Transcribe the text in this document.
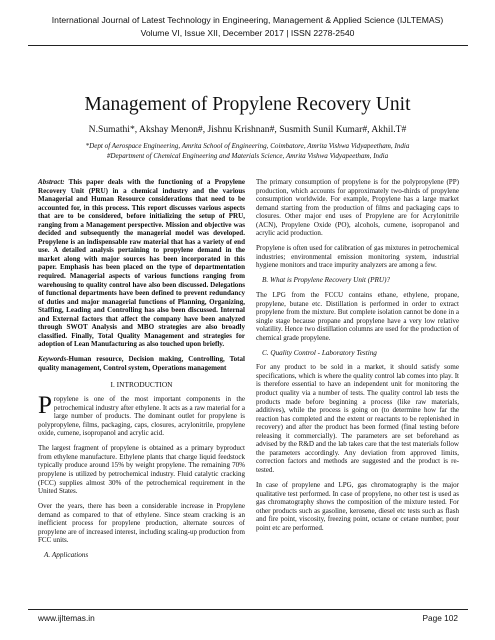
International Journal of Latest Technology in Engineering, Management & Applied Science (IJLTEMAS)
Volume VI, Issue XII, December 2017 | ISSN 2278-2540
Management of Propylene Recovery Unit
N.Sumathi*, Akshay Menon#, Jishnu Krishnan#, Susmith Sunil Kumar#, Akhil.T#
*Dept of Aerospace Engineering, Amrita School of Engineering, Coimbatore, Amrita Vishwa Vidyapeetham, India
#Department of Chemical Engineering and Materials Science, Amrita Vishwa Vidyapeetham, India

Abstract: This paper deals with the functioning of a Propylene Recovery Unit (PRU) in a chemical industry and the various Managerial and Human Resource considerations that need to be accounted for, in this process. This report discusses various aspects that are to be considered, before initializing the setup of PRU, ranging from a Management perspective. Mission and objective was decided and subsequently the managerial model was developed. Propylene is an indispensable raw material that has a variety of end use. A detailed analysis pertaining to propylene demand in the market along with major sources has been incorporated in this paper. Emphasis has been placed on the type of departmentation required. Managerial aspects of various functions ranging from warehousing to quality control have also been discussed. Delegations of functional departments have been defined to prevent redundancy of duties and major managerial functions of Planning, Organizing, Staffing, Leading and Controlling has also been discussed. Internal and External factors that affect the company have been analyzed through SWOT Analysis and MBO strategies are also broadly classified. Finally, Total Quality Management and strategies for adoption of Lean Manufacturing as also touched upon briefly.

Keywords-Human resource, Decision making, Controlling, Total quality management, Control system, Operations management

I. INTRODUCTION

Propylene is one of the most important components in the petrochemical industry after ethylene. It acts as a raw material for a large number of products. The dominant outlet for propylene is polypropylene, films, packaging, caps, closures, acrylonitrile, propylene oxide, cumene, isopropanol and acrylic acid.

The largest fragment of propylene is obtained as a primary byproduct from ethylene manufacture. Ethylene plants that charge liquid feedstock typically produce around 15% by weight propylene. The remaining 70% propylene is utilized by petrochemical industry. Fluid catalytic cracking (FCC) supplies almost 30% of the petrochemical requirement in the United States.

Over the years, there has been a considerable increase in Propylene demand as compared to that of ethylene. Since steam cracking is an inefficient process for propylene production, alternate sources of propylene are of increased interest, including scaling-up production from FCC units.

A. Applications

The primary consumption of propylene is for the polypropylene (PP) production, which accounts for approximately two-thirds of propylene consumption worldwide. For example, Propylene has a large market demand starting from the production of films and packaging caps to closures. Other major end uses of Propylene are for Acrylonitrile (ACN), Propylene Oxide (PO), alcohols, cumene, isopropanol and acrylic acid production.

Propylene is often used for calibration of gas mixtures in petrochemical industries; environmental emission monitoring system, industrial hygiene monitors and trace impurity analyzers are among a few.

B. What is Propylene Recovery Unit (PRU)?

The LPG from the FCCU contains ethane, ethylene, propane, propylene, butane etc. Distillation is performed in order to extract propylene from the mixture. But complete isolation cannot be done in a single stage because propane and propylene have a very low relative volatility. Hence two distillation columns are used for the production of chemical grade propylene.

C. Quality Control - Laboratory Testing

For any product to be sold in a market, it should satisfy some specifications, which is where the quality control lab comes into play. It is therefore essential to have an independent unit for monitoring the product quality via a number of tests. The quality control lab tests the products made before beginning a process (like raw materials, additives), while the process is going on (to determine how far the reaction has completed and the extent or reactants to be replenished in recovery) and after the product has been formed (final testing before releasing it commercially). The parameters are set beforehand as advised by the R&D and the lab takes care that the test materials follow the parameters accordingly. Any deviation from approved limits, correction factors and methods are suggested and the product is re-tested.

In case of propylene and LPG, gas chromatography is the major qualitative test performed. In case of propylene, no other test is used as gas chromatography shows the composition of the mixture tested. For other products such as gasoline, kerosene, diesel etc tests such as flash and fire point, viscosity, freezing point, octane or cetane number, pour point etc are performed.

www.ijltemas.in	Page 102
